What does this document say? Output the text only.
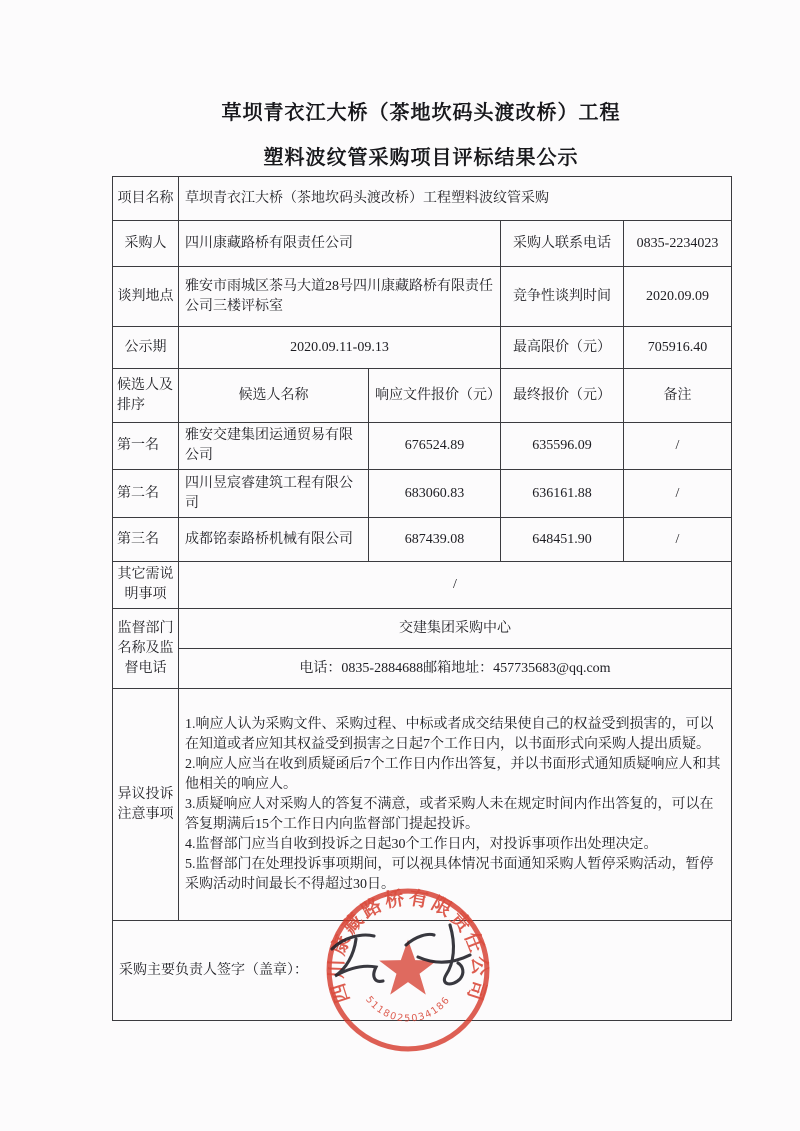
草坝青衣江大桥（茶地坎码头渡改桥）工程
塑料波纹管采购项目评标结果公示
项目名称	草坝青衣江大桥（茶地坎码头渡改桥）工程塑料波纹管采购			
采购人	四川康藏路桥有限责任公司		采购人联系电话	0835-2234023
谈判地点	雅安市雨城区茶马大道28号四川康藏路桥有限责任公司三楼评标室		竞争性谈判时间	2020.09.09
公示期	2020.09.11-09.13		最高限价（元）	705916.40
候选人及排序	候选人名称	响应文件报价（元）	最终报价（元）	备注
第一名	雅安交建集团运通贸易有限公司	676524.89	635596.09	/
第二名	四川昱宸睿建筑工程有限公司	683060.83	636161.88	/
第三名	成都铭泰路桥机械有限公司	687439.08	648451.90	/
其它需说明事项	/			
监督部门名称及监督电话	交建集团采购中心			
	电话：0835-2884688邮箱地址：457735683@qq.com			
异议投诉注意事项	1.响应人认为采购文件、采购过程、中标或者成交结果使自己的权益受到损害的，可以在知道或者应知其权益受到损害之日起7个工作日内，以书面形式向采购人提出质疑。
2.响应人应当在收到质疑函后7个工作日内作出答复，并以书面形式通知质疑响应人和其他相关的响应人。
3.质疑响应人对采购人的答复不满意，或者采购人未在规定时间内作出答复的，可以在答复期满后15个工作日内向监督部门提起投诉。
4.监督部门应当自收到投诉之日起30个工作日内，对投诉事项作出处理决定。
5.监督部门在处理投诉事项期间，可以视具体情况书面通知采购人暂停采购活动，暂停采购活动时间最长不得超过30日。			

采购主要负责人签字（盖章）：				
四川康藏路桥有限责任公司
5118025034186
